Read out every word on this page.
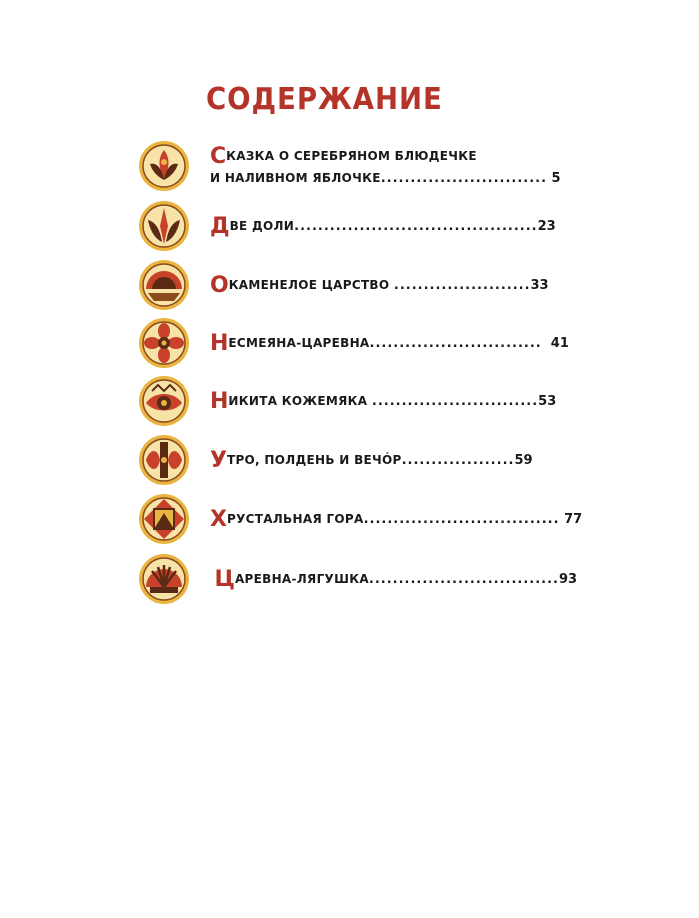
СОДЕРЖАНИЕ
СКАЗКА О СЕРЕБРЯНОМ БЛЮДЕЧКЕ
И НАЛИВНОМ ЯБЛОЧКЕ............................ 5
ДВЕ ДОЛИ.........................................23
ОКАМЕНЕЛОЕ ЦАРСТВО .......................33
НЕСМЕЯНА-ЦАРЕВНА............................. 41
НИКИТА КОЖЕМЯКА ............................53
УТРО, ПОЛДЕНЬ И ВЕЧÓР...................59
ХРУСТАЛЬНАЯ ГОРА................................. 77
ЦАРЕВНА-ЛЯГУШКА................................93
